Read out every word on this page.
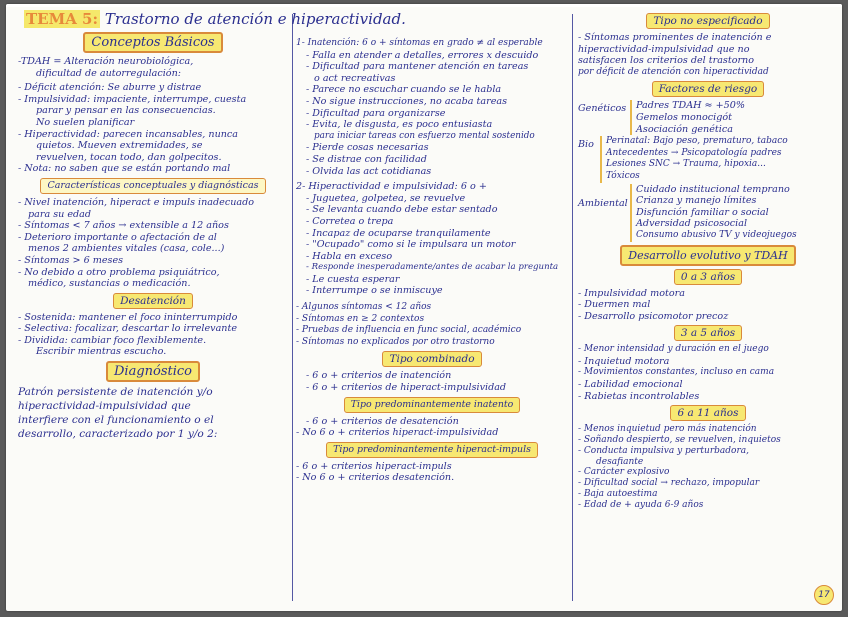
TEMA 5: Trastorno de atención e hiperactividad.
Conceptos Básicos

-TDAH = Alteración neurobiológica,

dificultad de autorregulación:

- Déficit atención: Se aburre y distrae

- Impulsividad: impaciente, interrumpe, cuesta

parar y pensar en las consecuencias.

No suelen planificar

- Hiperactividad: parecen incansables, nunca

quietos. Mueven extremidades, se

revuelven, tocan todo, dan golpecitos.

- Nota: no saben que se están portando mal

Características conceptuales y diagnósticas

- Nivel inatención, hiperact e impuls inadecuado

para su edad

- Síntomas < 7 años → extensible a 12 años

- Deterioro importante o afectación de al

menos 2 ambientes vitales (casa, cole...)

- Síntomas > 6 meses

- No debido a otro problema psiquiátrico,

médico, sustancias o medicación.

Desatención

- Sostenida: mantener el foco ininterrumpido

- Selectiva: focalizar, descartar lo irrelevante

- Dividida: cambiar foco flexiblemente.

Escribir mientras escucho.

Diagnóstico

Patrón persistente de inatención y/o

hiperactividad-impulsividad que

interfiere con el funcionamiento o el

desarrollo, caracterizado por 1 y/o 2:

1- Inatención: 6 o + síntomas en grado ≠ al esperable

- Falla en atender a detalles, errores x descuido

- Dificultad para mantener atención en tareas

o act recreativas

- Parece no escuchar cuando se le habla

- No sigue instrucciones, no acaba tareas

- Dificultad para organizarse

- Evita, le disgusta, es poco entusiasta

para iniciar tareas con esfuerzo mental sostenido

- Pierde cosas necesarias

- Se distrae con facilidad

- Olvida las act cotidianas

2- Hiperactividad e impulsividad: 6 o +

- Juguetea, golpetea, se revuelve

- Se levanta cuando debe estar sentado

- Corretea o trepa

- Incapaz de ocuparse tranquilamente

- "Ocupado" como si le impulsara un motor

- Habla en exceso

- Responde inesperadamente/antes de acabar la pregunta

- Le cuesta esperar

- Interrumpe o se inmiscuye

- Algunos síntomas < 12 años

- Síntomas en ≥ 2 contextos

- Pruebas de influencia en func social, académico

- Síntomas no explicados por otro trastorno

Tipo combinado

- 6 o + criterios de inatención

- 6 o + criterios de hiperact-impulsividad

Tipo predominantemente inatento

- 6 o + criterios de desatención

- No 6 o + criterios hiperact-impulsividad

Tipo predominantemente hiperact-impuls

- 6 o + criterios hiperact-impuls

- No 6 o + criterios desatención.

Tipo no especificado

- Síntomas prominentes de inatención e

hiperactividad-impulsividad que no

satisfacen los criterios del trastorno

por déficit de atención con hiperactividad

Factores de riesgo
Genéticos	Padres TDAH ≈ +50%

Gemelos monocigót

Asociación genética

Bio	Perinatal: Bajo peso, prematuro, tabaco

Antecedentes → Psicopatología padres

Lesiones SNC → Trauma, hipoxia...

Tóxicos

Ambiental

Cuidado institucional temprano

Crianza y manejo límites

Disfunción familiar o social

Adversidad psicosocial

Consumo abusivo TV y videojuegos

Desarrollo evolutivo y TDAH
0 a 3 años

- Impulsividad motora

- Duermen mal

- Desarrollo psicomotor precoz

3 a 5 años

- Menor intensidad y duración en el juego

- Inquietud motora

- Movimientos constantes, incluso en cama

- Labilidad emocional

- Rabietas incontrolables

6 a 11 años

- Menos inquietud pero más inatención

- Soñando despierto, se revuelven, inquietos

- Conducta impulsiva y perturbadora,

desafiante

- Carácter explosivo

- Dificultad social → rechazo, impopular

- Baja autoestima

- Edad de + ayuda 6-9 años

17
